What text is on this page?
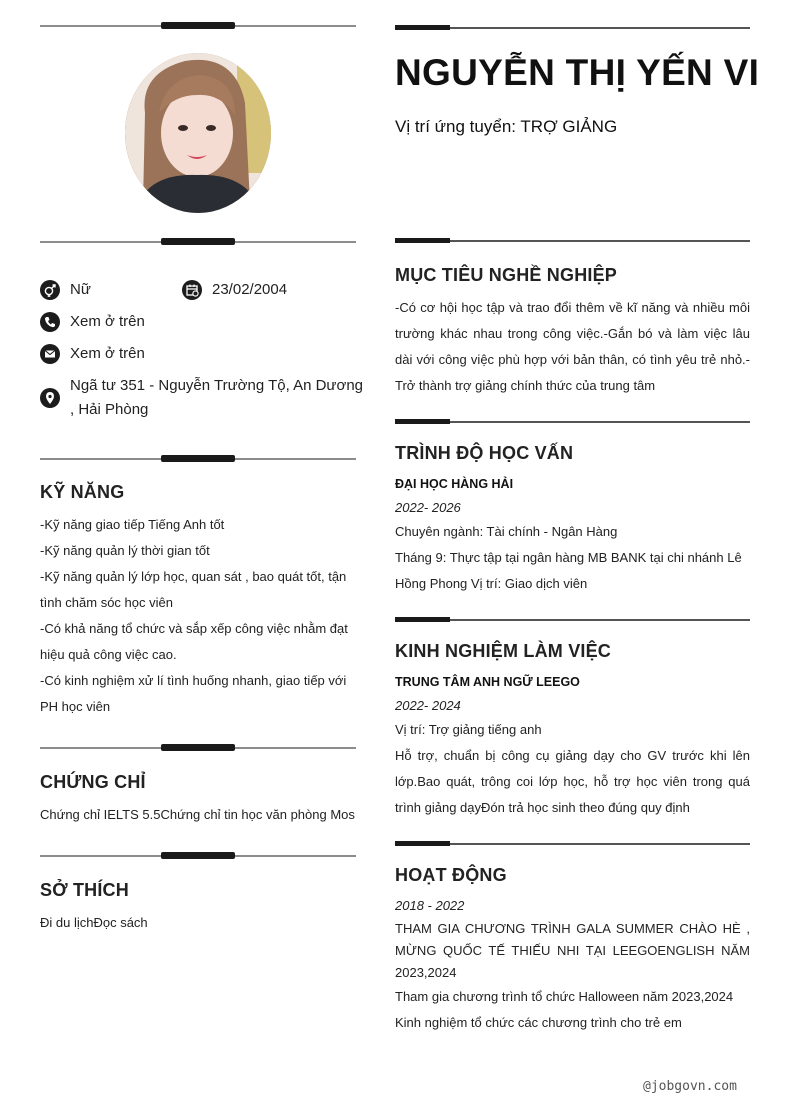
Nữ	23/02/2004
Xem ở trên
Xem ở trên
Ngã tư 351 - Nguyễn Trường Tộ, An Dương
, Hải Phòng
KỸ NĂNG

-Kỹ năng giao tiếp Tiếng Anh tốt

-Kỹ năng quản lý thời gian tốt

-Kỹ năng quản lý lớp học, quan sát , bao quát tốt, tận

tình chăm sóc học viên

-Có khả năng tổ chức và sắp xếp công việc nhằm đạt

hiệu quả công việc cao.

-Có kinh nghiệm xử lí tình huống nhanh, giao tiếp với

PH học viên

CHỨNG CHỈ
Chứng chỉ IELTS 5.5Chứng chỉ tin học văn phòng Mos
SỞ THÍCH
Đi du lịchĐọc sách
NGUYỄN THỊ YẾN VI
Vị trí ứng tuyển: TRỢ GIẢNG
MỤC TIÊU NGHỀ NGHIỆP
-Có cơ hội học tập và trao đổi thêm về kĩ năng và nhiều môi trường khác nhau trong công việc.-Gắn bó và làm việc lâu dài với công việc phù hợp với bản thân, có tình yêu trẻ nhỏ.-Trở thành trợ giảng chính thức của trung tâm
TRÌNH ĐỘ HỌC VẤN

ĐẠI HỌC HÀNG HẢI

2022- 2026

Chuyên ngành: Tài chính - Ngân Hàng

Tháng 9: Thực tập tại ngân hàng MB BANK tại chi nhánh Lê Hồng Phong Vị trí: Giao dịch viên

KINH NGHIỆM LÀM VIỆC

TRUNG TÂM ANH NGỮ LEEGO

2022- 2024

Vị trí: Trợ giảng tiếng anh

Hỗ trợ, chuẩn bị công cụ giảng dạy cho GV trước khi lên lớp.Bao quát, trông coi lớp học, hỗ trợ học viên trong quá trình giảng dạyĐón trả học sinh theo đúng quy định

HOẠT ĐỘNG

2018 - 2022

THAM GIA CHƯƠNG TRÌNH GALA SUMMER CHÀO HÈ , MỪNG QUỐC TẾ THIẾU NHI TẠI LEEGOENGLISH NĂM 2023,2024

Tham gia chương trình tổ chức Halloween năm 2023,2024

Kinh nghiệm tổ chức các chương trình cho trẻ em

@jobgovn.com
